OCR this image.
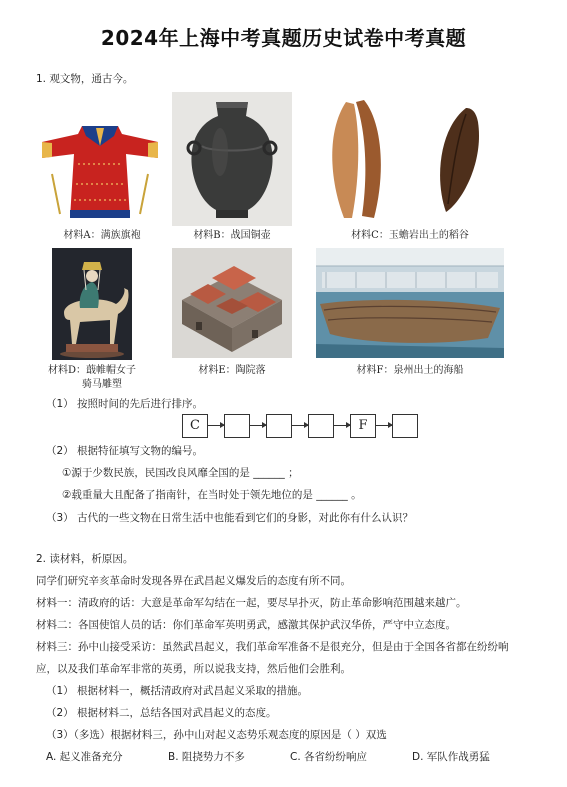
2024年上海中考真题历史试卷中考真题
1. 观文物，通古今。
材料A：满族旗袍	材料B：战国铜壶	材料C：玉蟾岩出土的稻谷
材料D：蕺帷帽女子
骑马雕塑
材料E：陶院落	材料F：泉州出土的海船
（1） 按照时间的先后进行排序。
C	F
（2） 根据特征填写文物的编号。
①源于少数民族，民国改良风靡全国的是 ______ ；
②载重量大且配备了指南针，在当时处于领先地位的是 ______ 。
（3） 古代的一些文物在日常生活中也能看到它们的身影，对此你有什么认识？
2. 读材料，析原因。
同学们研究辛亥革命时发现各界在武昌起义爆发后的态度有所不同。
材料一：清政府的话：大意是革命军勾结在一起，要尽早扑灭，防止革命影响范围越来越广。
材料二：各国使馆人员的话：你们革命军英明勇武，感激其保护武汉华侨，严守中立态度。
材料三：孙中山接受采访：虽然武昌起义，我们革命军准备不是很充分，但是由于全国各省都在纷纷响
应，以及我们革命军非常的英勇，所以说我支持，然后他们会胜利。
（1） 根据材料一，概括清政府对武昌起义采取的措施。
（2） 根据材料二，总结各国对武昌起义的态度。
（3）（多选）根据材料三，孙中山对起义态势乐观态度的原因是（ ）双选
A. 起义准备充分	B. 阻挠势力不多	C. 各省纷纷响应	D. 军队作战勇猛
